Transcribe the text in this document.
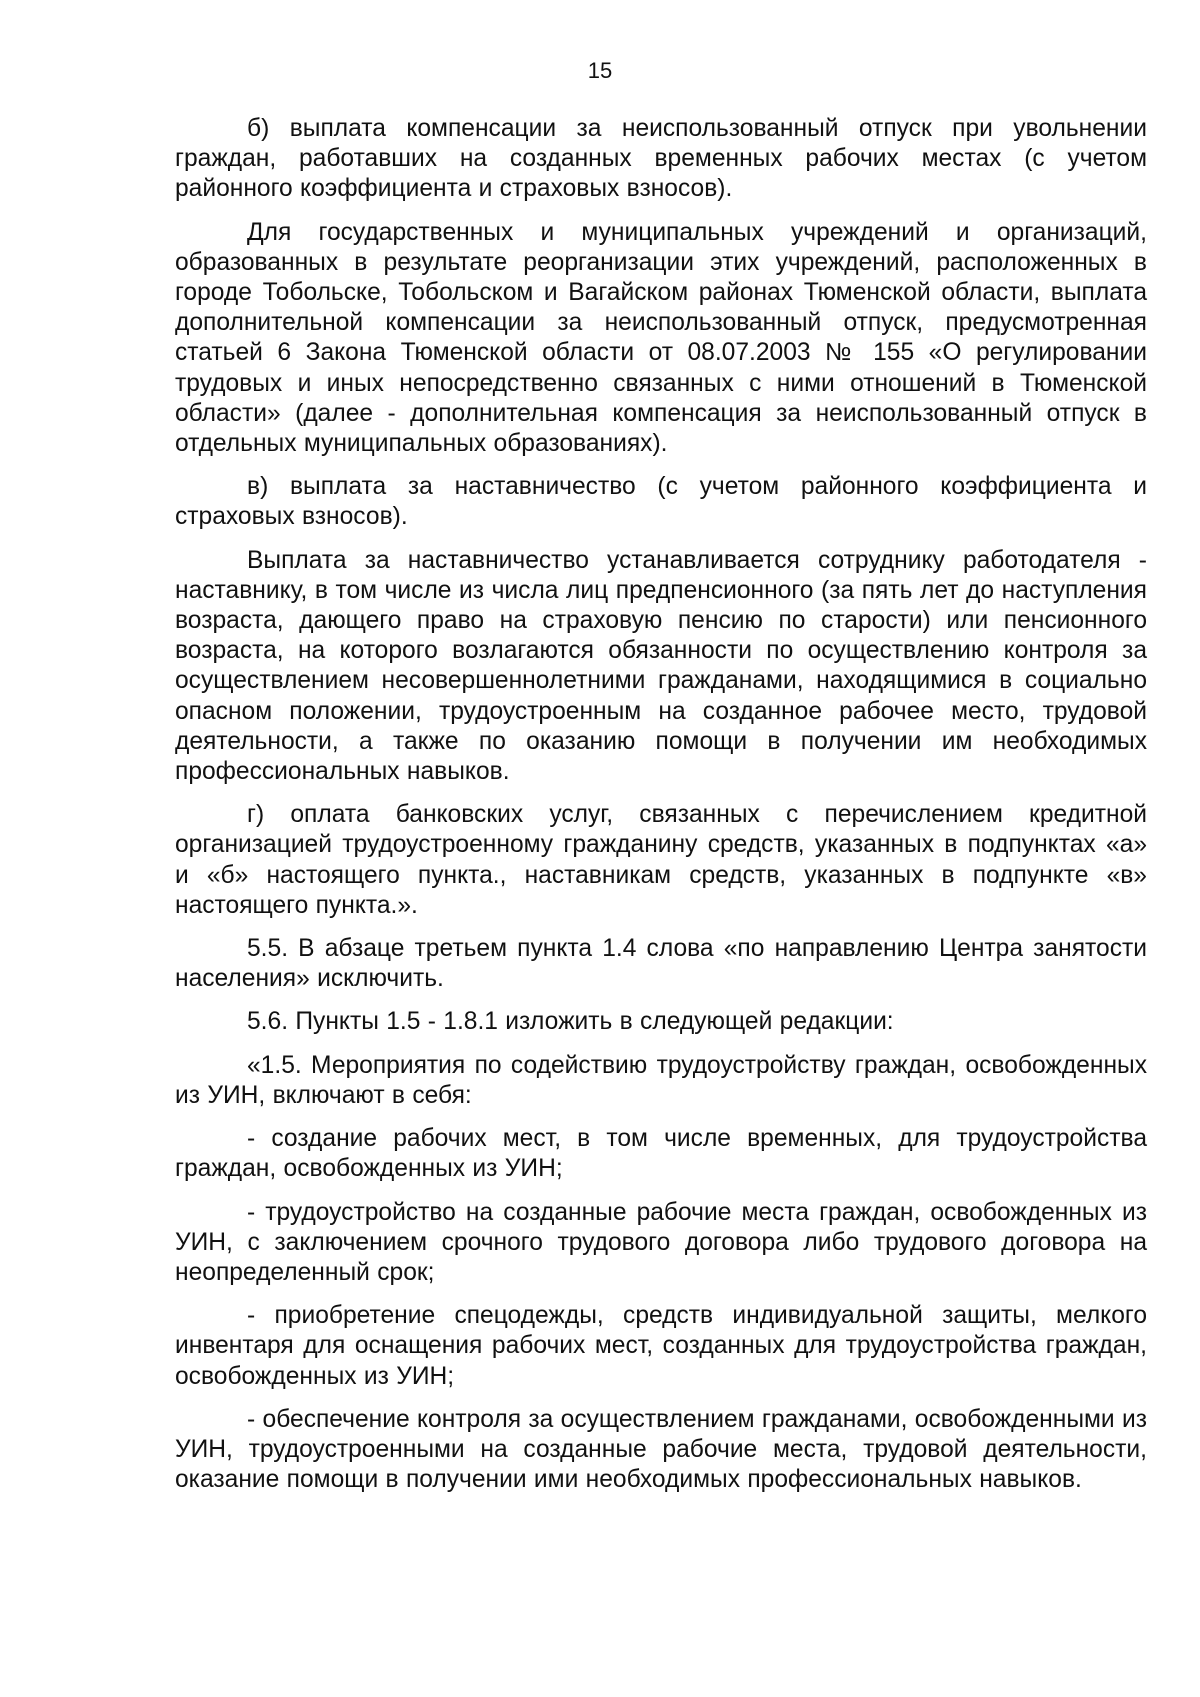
15

б) выплата компенсации за неиспользованный отпуск при увольнении граждан, работавших на созданных временных рабочих местах (с учетом районного коэффициента и страховых взносов).

Для государственных и муниципальных учреждений и организаций, образованных в результате реорганизации этих учреждений, расположенных в городе Тобольске, Тобольском и Вагайском районах Тюменской области, выплата дополнительной компенсации за неиспользованный отпуск, предусмотренная статьей 6 Закона Тюменской области от 08.07.2003 № 155 «О регулировании трудовых и иных непосредственно связанных с ними отношений в Тюменской области» (далее - дополнительная компенсация за неиспользованный отпуск в отдельных муниципальных образованиях).

в) выплата за наставничество (с учетом районного коэффициента и страховых взносов).

Выплата за наставничество устанавливается сотруднику работодателя - наставнику, в том числе из числа лиц предпенсионного (за пять лет до наступления возраста, дающего право на страховую пенсию по старости) или пенсионного возраста, на которого возлагаются обязанности по осуществлению контроля за осуществлением несовершеннолетними гражданами, находящимися в социально опасном положении, трудоустроенным на созданное рабочее место, трудовой деятельности, а также по оказанию помощи в получении им необходимых профессиональных навыков.

г) оплата банковских услуг, связанных с перечислением кредитной организацией трудоустроенному гражданину средств, указанных в подпунктах «а» и «б» настоящего пункта., наставникам средств, указанных в подпункте «в» настоящего пункта.».

5.5. В абзаце третьем пункта 1.4 слова «по направлению Центра занятости населения» исключить.

5.6. Пункты 1.5 - 1.8.1 изложить в следующей редакции:

«1.5. Мероприятия по содействию трудоустройству граждан, освобожденных из УИН, включают в себя:

- создание рабочих мест, в том числе временных, для трудоустройства граждан, освобожденных из УИН;

- трудоустройство на созданные рабочие места граждан, освобожденных из УИН, с заключением срочного трудового договора либо трудового договора на неопределенный срок;

- приобретение спецодежды, средств индивидуальной защиты, мелкого инвентаря для оснащения рабочих мест, созданных для трудоустройства граждан, освобожденных из УИН;

- обеспечение контроля за осуществлением гражданами, освобожденными из УИН, трудоустроенными на созданные рабочие места, трудовой деятельности, оказание помощи в получении ими необходимых профессиональных навыков.
